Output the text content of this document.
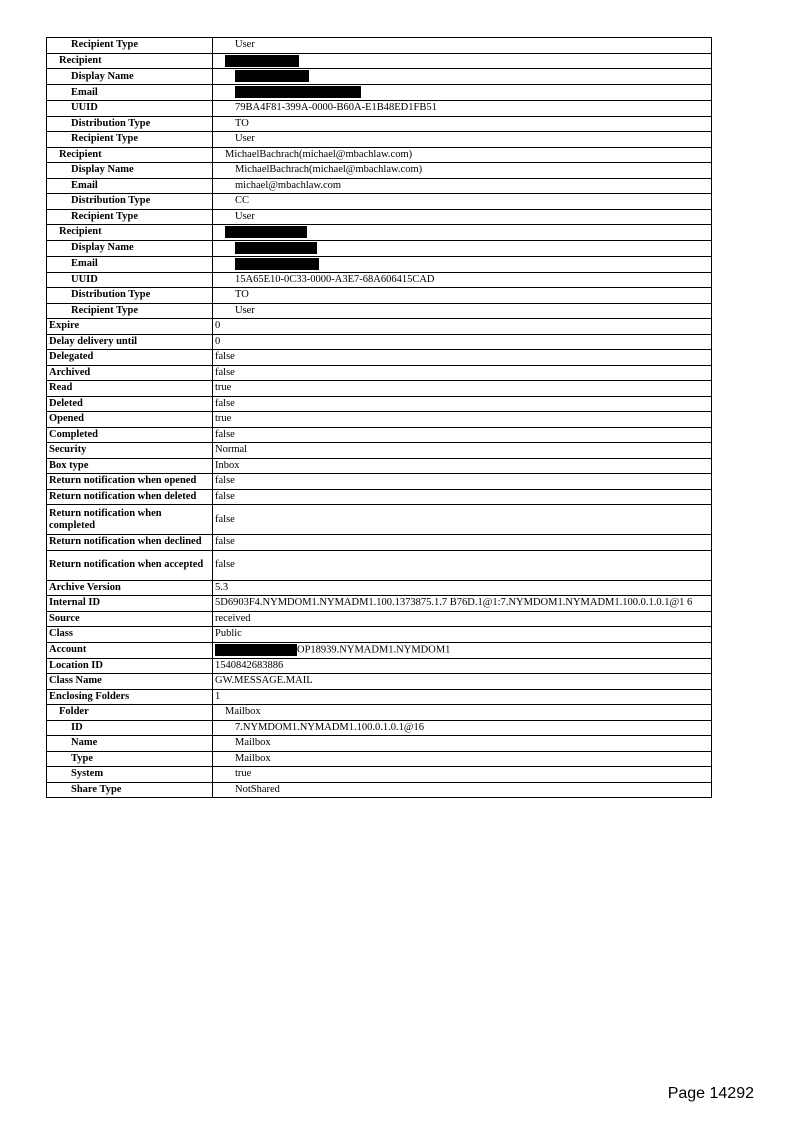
Recipient Type	User
Recipient	
Display Name	
Email	
UUID	79BA4F81-399A-0000-B60A-E1B48ED1FB51
Distribution Type	TO
Recipient Type	User
Recipient	MichaelBachrach(michael@mbachlaw.com)
Display Name	MichaelBachrach(michael@mbachlaw.com)
Email	michael@mbachlaw.com
Distribution Type	CC
Recipient Type	User
Recipient	
Display Name	
Email	
UUID	15A65E10-0C33-0000-A3E7-68A606415CAD
Distribution Type	TO
Recipient Type	User
Expire	0
Delay delivery until	0
Delegated	false
Archived	false
Read	true
Deleted	false
Opened	true
Completed	false
Security	Normal
Box type	Inbox
Return notification when opened	false
Return notification when deleted	false
Return notification when completed	false
Return notification when declined	false
Return notification when accepted	false
Archive Version	5.3
Internal ID	5D6903F4.NYMDOM1.NYMADM1.100.1373875.1.7 B76D.1@1:7.NYMDOM1.NYMADM1.100.0.1.0.1@1 6
Source	received
Class	Public
Account	OP18939.NYMADM1.NYMDOM1
Location ID	1540842683886
Class Name	GW.MESSAGE.MAIL
Enclosing Folders	1
Folder	Mailbox
ID	7.NYMDOM1.NYMADM1.100.0.1.0.1@16
Name	Mailbox
Type	Mailbox
System	true
Share Type	NotShared
Page 14292
